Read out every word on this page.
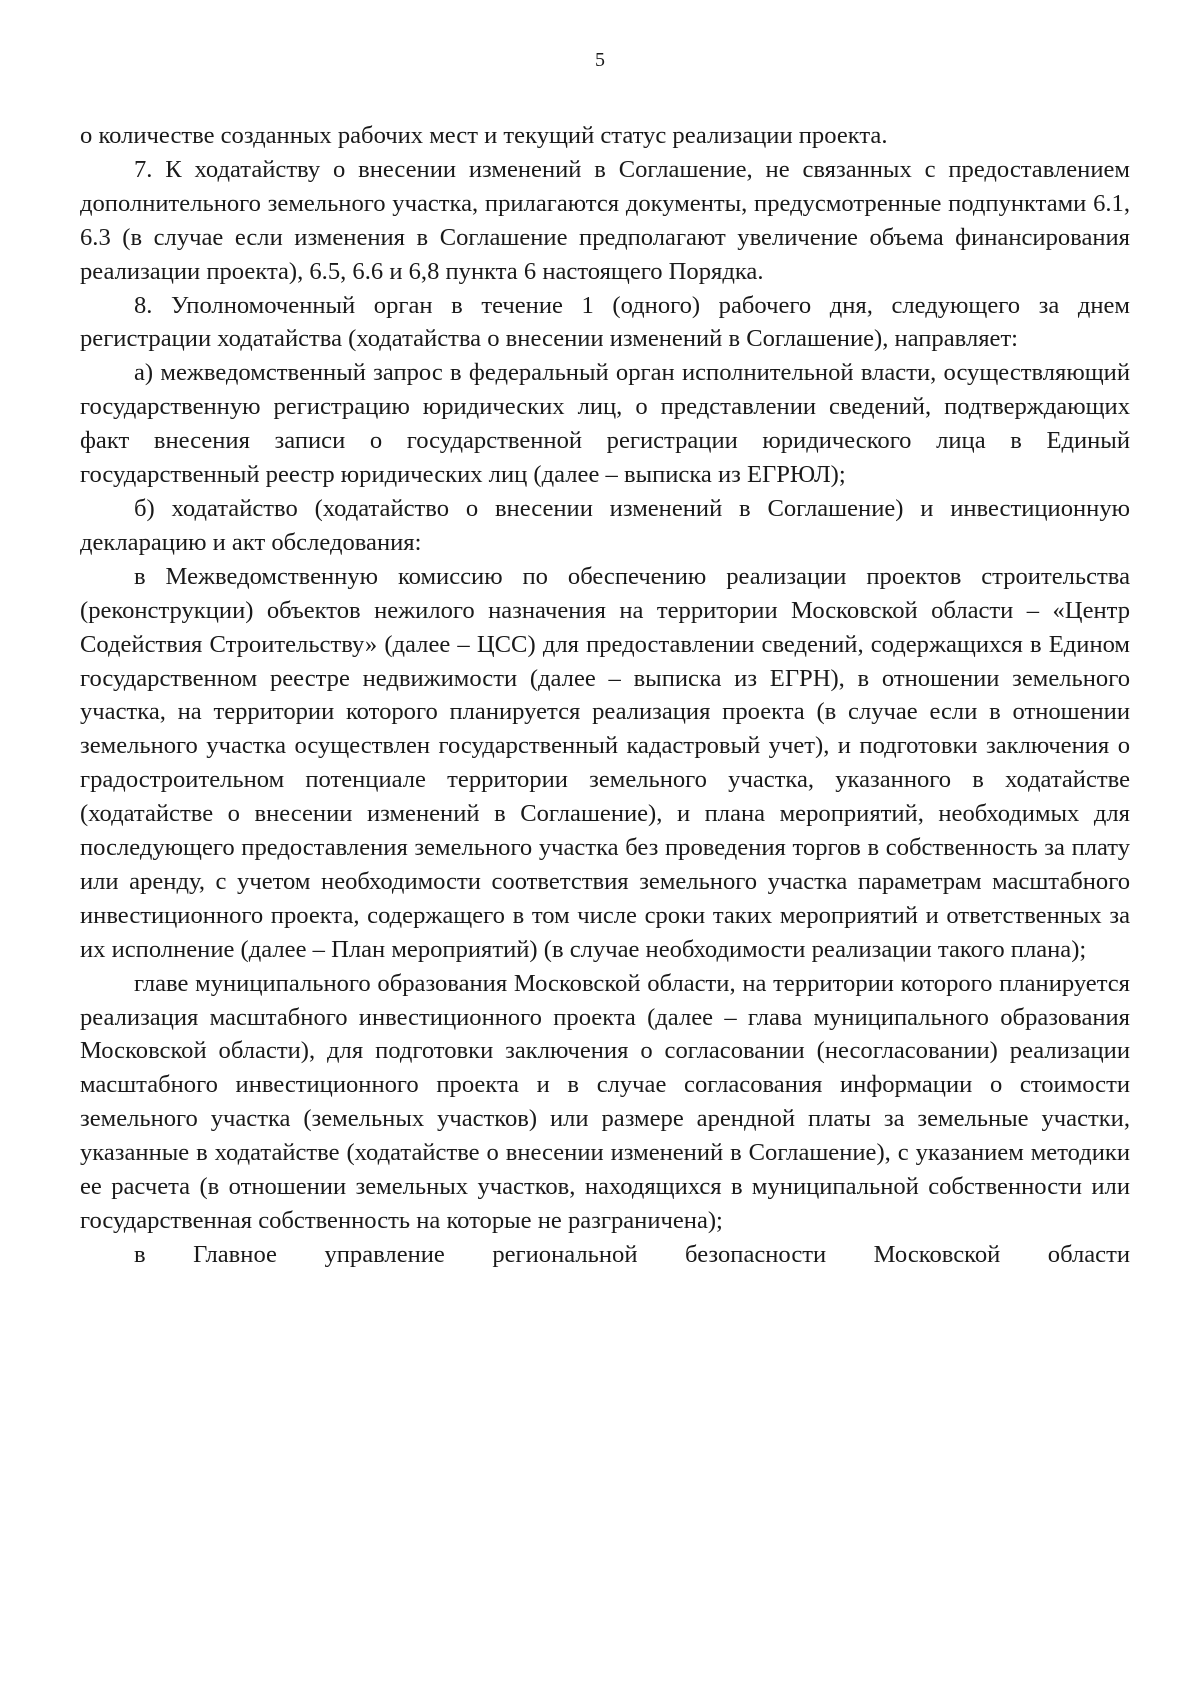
5

о количестве созданных рабочих мест и текущий статус реализации проекта.

7. К ходатайству о внесении изменений в Соглашение, не связанных с предоставлением дополнительного земельного участка, прилагаются документы, предусмотренные подпунктами 6.1, 6.3 (в случае если изменения в Соглашение предполагают увеличение объема финансирования реализации проекта), 6.5, 6.6 и 6,8 пункта 6 настоящего Порядка.

8. Уполномоченный орган в течение 1 (одного) рабочего дня, следующего за днем регистрации ходатайства (ходатайства о внесении изменений в Соглашение), направляет:

а) межведомственный запрос в федеральный орган исполнительной власти, осуществляющий государственную регистрацию юридических лиц, о представлении сведений, подтверждающих факт внесения записи о государственной регистрации юридического лица в Единый государственный реестр юридических лиц (далее – выписка из ЕГРЮЛ);

б) ходатайство (ходатайство о внесении изменений в Соглашение) и инвестиционную декларацию и акт обследования:

в Межведомственную комиссию по обеспечению реализации проектов строительства (реконструкции) объектов нежилого назначения на территории Московской области – «Центр Содействия Строительству» (далее – ЦСС) для предоставлении сведений, содержащихся в Едином государственном реестре недвижимости (далее – выписка из ЕГРН), в отношении земельного участка, на территории которого планируется реализация проекта (в случае если в отношении земельного участка осуществлен государственный кадастровый учет), и подготовки заключения о градостроительном потенциале территории земельного участка, указанного в ходатайстве (ходатайстве о внесении изменений в Соглашение), и плана мероприятий, необходимых для последующего предоставления земельного участка без проведения торгов в собственность за плату или аренду, с учетом необходимости соответствия земельного участка параметрам масштабного инвестиционного проекта, содержащего в том числе сроки таких мероприятий и ответственных за их исполнение (далее – План мероприятий) (в случае необходимости реализации такого плана);

главе муниципального образования Московской области, на территории которого планируется реализация масштабного инвестиционного проекта (далее – глава муниципального образования Московской области), для подготовки заключения о согласовании (несогласовании) реализации масштабного инвестиционного проекта и в случае согласования информации о стоимости земельного участка (земельных участков) или размере арендной платы за земельные участки, указанные в ходатайстве (ходатайстве о внесении изменений в Соглашение), с указанием методики ее расчета (в отношении земельных участков, находящихся в муниципальной собственности или государственная собственность на которые не разграничена);

в Главное управление региональной безопасности Московской области
